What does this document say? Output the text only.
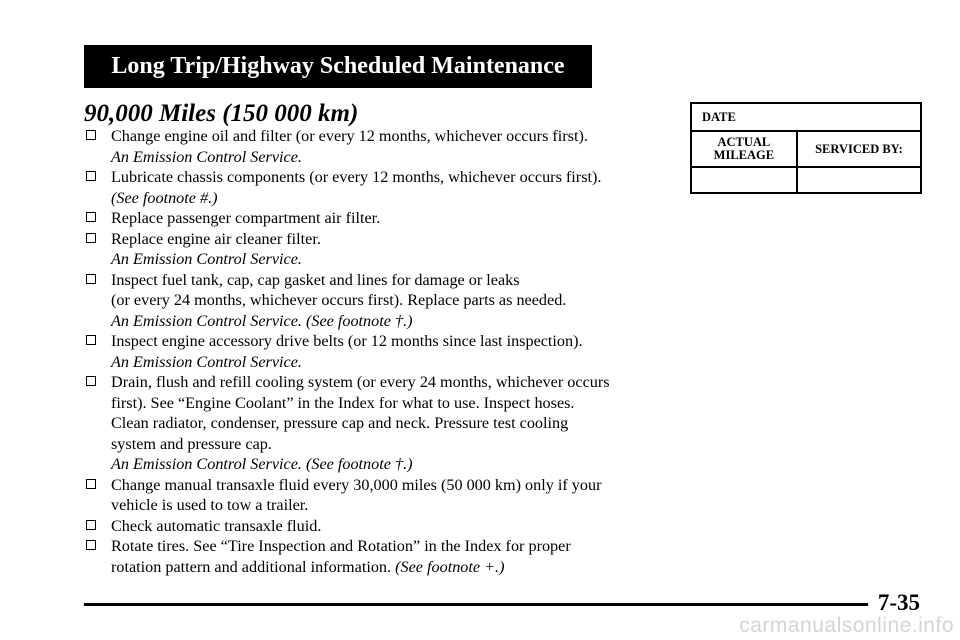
Long Trip/Highway Scheduled Maintenance
90,000 Miles (150 000 km)
Change engine oil and filter (or every 12 months, whichever occurs first).
An Emission Control Service.
Lubricate chassis components (or every 12 months, whichever occurs first).
(See footnote #.)
Replace passenger compartment air filter.
Replace engine air cleaner filter.
An Emission Control Service.
Inspect fuel tank, cap, cap gasket and lines for damage or leaks
(or every 24 months, whichever occurs first). Replace parts as needed.
An Emission Control Service. (See footnote †.)
Inspect engine accessory drive belts (or 12 months since last inspection).
An Emission Control Service.
Drain, flush and refill cooling system (or every 24 months, whichever occurs
first). See “Engine Coolant” in the Index for what to use. Inspect hoses.
Clean radiator, condenser, pressure cap and neck. Pressure test cooling
system and pressure cap.
An Emission Control Service. (See footnote †.)
Change manual transaxle fluid every 30,000 miles (50 000 km) only if your
vehicle is used to tow a trailer.
Check automatic transaxle fluid.
Rotate tires. See “Tire Inspection and Rotation” in the Index for proper
rotation pattern and additional information. (See footnote +.)
DATE	
ACTUAL MILEAGE	SERVICED BY:

7-35
carmanualsonline.info
